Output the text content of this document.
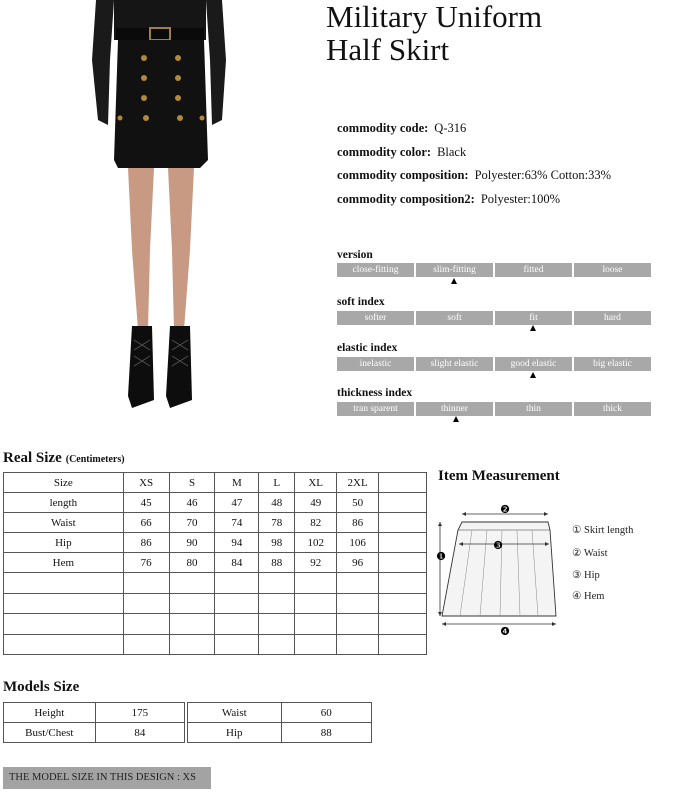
Military Uniform
Half Skirt
commodity code: Q-316
commodity color: Black
commodity composition: Polyester:63% Cotton:33%
commodity composition2: Polyester:100%
version
close-fitting	slim-fitting	fitted	loose
soft index
softer	soft	fit	hard
elastic index
inelastic	slight elastic	good elastic	big elastic
thickness index
tran sparent	thinner	thin	thick
Real Size (Centimeters)
Size	XS	S	M	L	XL	2XL	
length	45	46	47	48	49	50	
Waist	66	70	74	78	82	86	
Hip	86	90	94	98	102	106	
Hem	76	80	84	88	92	96	

Item Measurement
❷
❸
❶
❹
① Skirt length
② Waist
③ Hip
④ Hem
Models Size
Height	175
Bust/Chest	84
Waist	60
Hip	88
THE MODEL SIZE IN THIS DESIGN : XS
